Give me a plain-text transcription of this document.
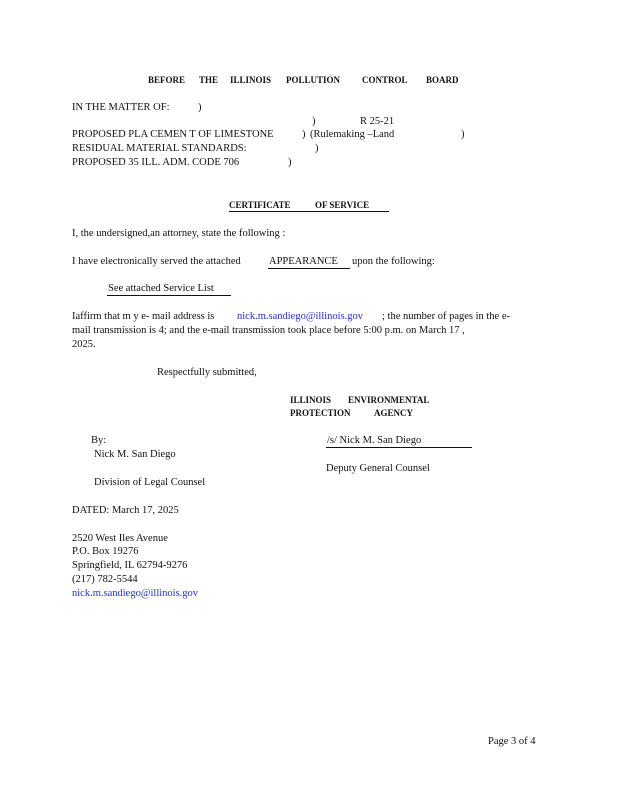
BEFORE THE ILLINOIS POLLUTION CONTROL BOARD
IN THE MATTER OF:	)
)	R 25-21
PROPOSED PLA CEMEN T OF LIMESTONE	) (Rulemaking –Land	)
RESIDUAL MATERIAL STANDARDS:	)
PROPOSED 35 ILL. ADM. CODE 706	)
CERTIFICATE	OF SERVICE
I, the undersigned,an attorney, state the following :
I have electronically served the attached	APPEARANCE upon the following:
See attached Service List
Iaffirm that m y e- mail address is nick.m.sandiego@illinois.gov ; the number of pages in the e-
mail transmission is 4; and the e-mail transmission took place before 5:00 p.m. on March 17 ,
2025.
Respectfully submitted,
ILLINOIS ENVIRONMENTAL
PROTECTION	AGENCY
By:	/s/ Nick M. San Diego
Nick M. San Diego
Deputy General Counsel
Division of Legal Counsel
DATED: March 17, 2025
2520 West Iles Avenue
P.O. Box 19276
Springfield, IL 62794-9276
(217) 782-5544
nick.m.sandiego@illinois.gov
Page 3 of 4
